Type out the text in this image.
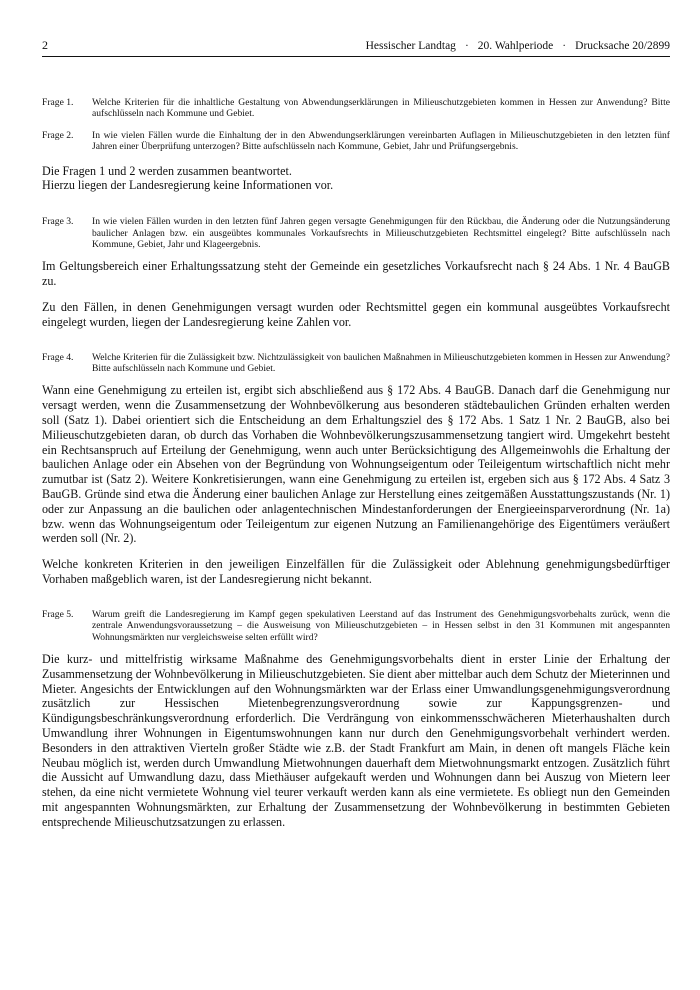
2	Hessischer Landtag · 20. Wahlperiode · Drucksache 20/2899
Frage 1.	Welche Kriterien für die inhaltliche Gestaltung von Abwendungserklärungen in Milieuschutzgebieten kommen in Hessen zur Anwendung? Bitte aufschlüsseln nach Kommune und Gebiet.
Frage 2.	In wie vielen Fällen wurde die Einhaltung der in den Abwendungserklärungen vereinbarten Auflagen in Milieuschutzgebieten in den letzten fünf Jahren einer Überprüfung unterzogen? Bitte aufschlüsseln nach Kommune, Gebiet, Jahr und Prüfungsergebnis.

Die Fragen 1 und 2 werden zusammen beantwortet.

Hierzu liegen der Landesregierung keine Informationen vor.

Frage 3.	In wie vielen Fällen wurden in den letzten fünf Jahren gegen versagte Genehmigungen für den Rückbau, die Änderung oder die Nutzungsänderung baulicher Anlagen bzw. ein ausgeübtes kommunales Vorkaufsrechts in Milieuschutzgebieten Rechtsmittel eingelegt? Bitte aufschlüsseln nach Kommune, Gebiet, Jahr und Klageergebnis.

Im Geltungsbereich einer Erhaltungssatzung steht der Gemeinde ein gesetzliches Vorkaufsrecht nach § 24 Abs. 1 Nr. 4 BauGB zu.

Zu den Fällen, in denen Genehmigungen versagt wurden oder Rechtsmittel gegen ein kommunal ausgeübtes Vorkaufsrecht eingelegt wurden, liegen der Landesregierung keine Zahlen vor.

Frage 4.	Welche Kriterien für die Zulässigkeit bzw. Nichtzulässigkeit von baulichen Maßnahmen in Milieuschutzgebieten kommen in Hessen zur Anwendung? Bitte aufschlüsseln nach Kommune und Gebiet.

Wann eine Genehmigung zu erteilen ist, ergibt sich abschließend aus § 172 Abs. 4 BauGB. Danach darf die Genehmigung nur versagt werden, wenn die Zusammensetzung der Wohnbevölkerung aus besonderen städtebaulichen Gründen erhalten werden soll (Satz 1). Dabei orientiert sich die Entscheidung an dem Erhaltungsziel des § 172 Abs. 1 Satz 1 Nr. 2 BauGB, also bei Milieuschutzgebieten daran, ob durch das Vorhaben die Wohnbevölkerungszusammensetzung tangiert wird. Umgekehrt besteht ein Rechtsanspruch auf Erteilung der Genehmigung, wenn auch unter Berücksichtigung des Allgemeinwohls die Erhaltung der baulichen Anlage oder ein Absehen von der Begründung von Wohnungseigentum oder Teileigentum wirtschaftlich nicht mehr zumutbar ist (Satz 2). Weitere Konkretisierungen, wann eine Genehmigung zu erteilen ist, ergeben sich aus § 172 Abs. 4 Satz 3 BauGB. Gründe sind etwa die Änderung einer baulichen Anlage zur Herstellung eines zeitgemäßen Ausstattungszustands (Nr. 1) oder zur Anpassung an die baulichen oder anlagentechnischen Mindestanforderungen der Energieeinsparverordnung (Nr. 1a) bzw. wenn das Wohnungseigentum oder Teileigentum zur eigenen Nutzung an Familienangehörige des Eigentümers veräußert werden soll (Nr. 2).

Welche konkreten Kriterien in den jeweiligen Einzelfällen für die Zulässigkeit oder Ablehnung genehmigungsbedürftiger Vorhaben maßgeblich waren, ist der Landesregierung nicht bekannt.

Frage 5.	Warum greift die Landesregierung im Kampf gegen spekulativen Leerstand auf das Instrument des Genehmigungsvorbehalts zurück, wenn die zentrale Anwendungsvoraussetzung – die Ausweisung von Milieuschutzgebieten – in Hessen selbst in den 31 Kommunen mit angespannten Wohnungsmärkten nur vergleichsweise selten erfüllt wird?

Die kurz- und mittelfristig wirksame Maßnahme des Genehmigungsvorbehalts dient in erster Linie der Erhaltung der Zusammensetzung der Wohnbevölkerung in Milieuschutzgebieten. Sie dient aber mittelbar auch dem Schutz der Mieterinnen und Mieter. Angesichts der Entwicklungen auf den Wohnungsmärkten war der Erlass einer Umwandlungsgenehmigungsverordnung zusätzlich zur Hessischen Mietenbegrenzungsverordnung sowie zur Kappungsgrenzen- und Kündigungsbeschränkungsverordnung erforderlich. Die Verdrängung von einkommensschwächeren Mieterhaushalten durch Umwandlung ihrer Wohnungen in Eigentumswohnungen kann nur durch den Genehmigungsvorbehalt verhindert werden. Besonders in den attraktiven Vierteln großer Städte wie z.B. der Stadt Frankfurt am Main, in denen oft mangels Fläche kein Neubau möglich ist, werden durch Umwandlung Mietwohnungen dauerhaft dem Mietwohnungsmarkt entzogen. Zusätzlich führt die Aussicht auf Umwandlung dazu, dass Miethäuser aufgekauft werden und Wohnungen dann bei Auszug von Mietern leer stehen, da eine nicht vermietete Wohnung viel teurer verkauft werden kann als eine vermietete. Es obliegt nun den Gemeinden mit angespannten Wohnungsmärkten, zur Erhaltung der Zusammensetzung der Wohnbevölkerung in bestimmten Gebieten entsprechende Milieuschutzsatzungen zu erlassen.
